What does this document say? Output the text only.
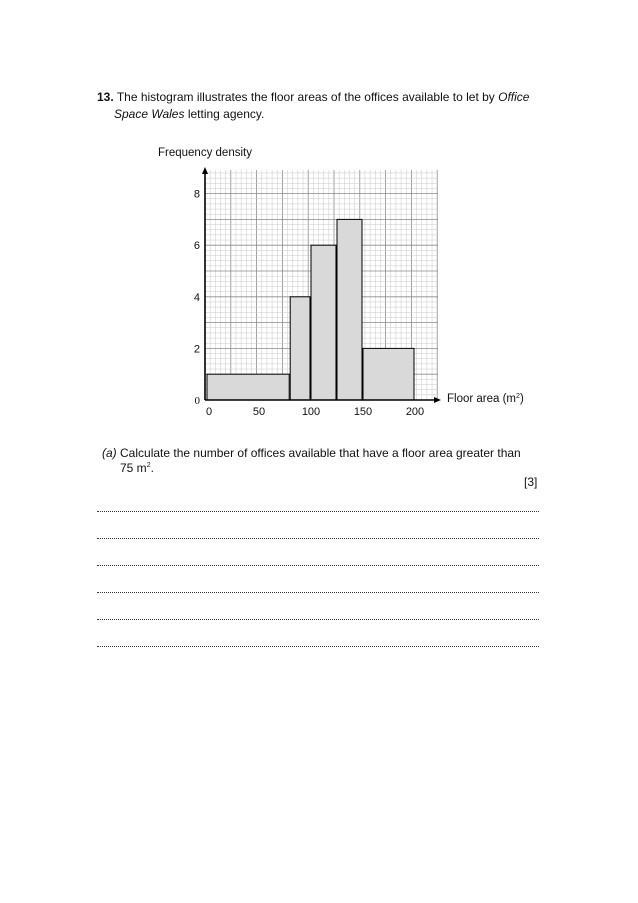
13. The histogram illustrates the floor areas of the offices available to let by Office
Space Wales letting agency.
0
2
4
6
8
0	50	100	150	200
Frequency density
Floor area $(m^2)$
(a) Calculate the number of offices available that have a floor area greater than
75 $m^2$.
[3]
